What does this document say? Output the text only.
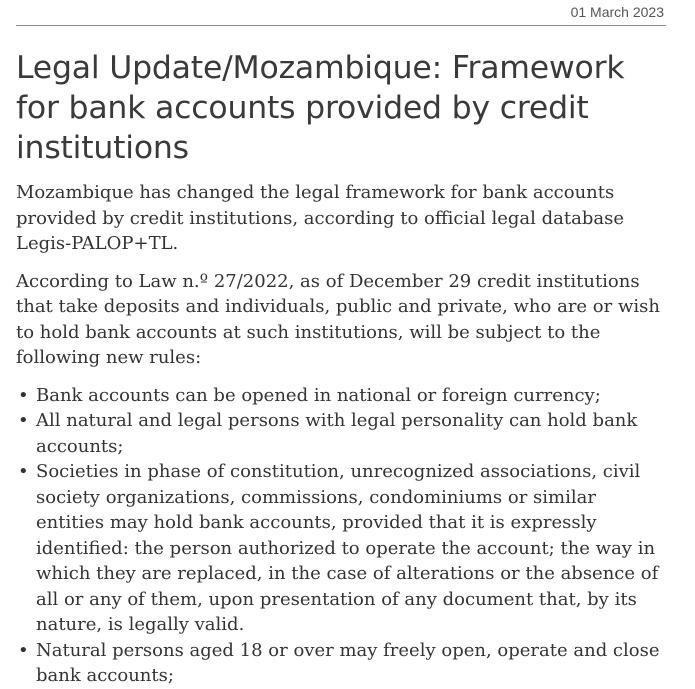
01 March 2023
Legal Update/Mozambique: Framework for bank accounts provided by credit institutions

Mozambique has changed the legal framework for bank accounts provided by credit institutions, according to official legal database Legis-PALOP+TL.

According to Law n.º 27/2022, as of December 29 credit institutions that take deposits and individuals, public and private, who are or wish to hold bank accounts at such institutions, will be subject to the following new rules:

• Bank accounts can be opened in national or foreign currency;
• All natural and legal persons with legal personality can hold bank accounts;
• Societies in phase of constitution, unrecognized associations, civil society organizations, commissions, condominiums or similar entities may hold bank accounts, provided that it is expressly identified: the person authorized to operate the account; the way in which they are replaced, in the case of alterations or the absence of all or any of them, upon presentation of any document that, by its nature, is legally valid.
• Natural persons aged 18 or over may freely open, operate and close bank accounts;
